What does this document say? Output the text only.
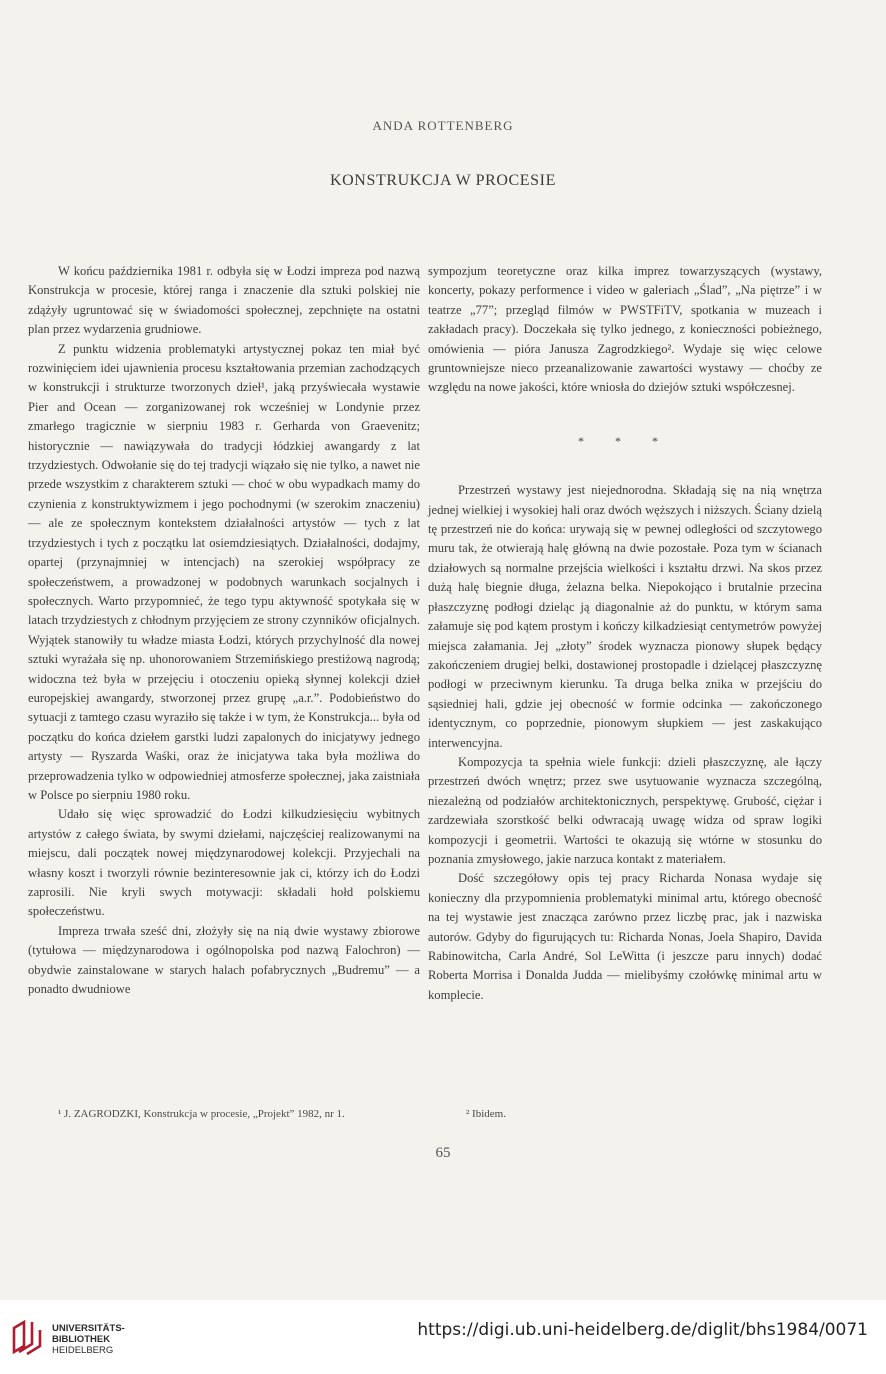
ANDA ROTTENBERG
KONSTRUKCJA W PROCESIE

W końcu października 1981 r. odbyła się w Łodzi impreza pod nazwą Konstrukcja w procesie, której ranga i znaczenie dla sztuki polskiej nie zdążyły ugruntować się w świadomości społecznej, zepchnięte na ostatni plan przez wydarzenia grudniowe.

Z punktu widzenia problematyki artystycznej pokaz ten miał być rozwinięciem idei ujawnienia procesu kształtowania przemian zachodzących w konstrukcji i strukturze tworzonych dzieł¹, jaką przyświecała wystawie Pier and Ocean — zorganizowanej rok wcześniej w Londynie przez zmarłego tragicznie w sierpniu 1983 r. Gerharda von Graevenitz; historycznie — nawiązywała do tradycji łódzkiej awangardy z lat trzydziestych. Odwołanie się do tej tradycji wiązało się nie tylko, a nawet nie przede wszystkim z charakterem sztuki — choć w obu wypadkach mamy do czynienia z konstruktywizmem i jego pochodnymi (w szerokim znaczeniu) — ale ze społecznym kontekstem działalności artystów — tych z lat trzydziestych i tych z początku lat osiemdziesiątych. Działalności, dodajmy, opartej (przynajmniej w intencjach) na szerokiej współpracy ze społeczeństwem, a prowadzonej w podobnych warunkach socjalnych i społecznych. Warto przypomnieć, że tego typu aktywność spotykała się w latach trzydziestych z chłodnym przyjęciem ze strony czynników oficjalnych. Wyjątek stanowiły tu władze miasta Łodzi, których przychylność dla nowej sztuki wyrażała się np. uhonorowaniem Strzemińskiego prestiżową nagrodą; widoczna też była w przejęciu i otoczeniu opieką słynnej kolekcji dzieł europejskiej awangardy, stworzonej przez grupę „a.r.”. Podobieństwo do sytuacji z tamtego czasu wyraziło się także i w tym, że Konstrukcja... była od początku do końca dziełem garstki ludzi zapalonych do inicjatywy jednego artysty — Ryszarda Waśki, oraz że inicjatywa taka była możliwa do przeprowadzenia tylko w odpowiedniej atmosferze społecznej, jaka zaistniała w Polsce po sierpniu 1980 roku.

Udało się więc sprowadzić do Łodzi kilkudziesięciu wybitnych artystów z całego świata, by swymi dziełami, najczęściej realizowanymi na miejscu, dali początek nowej międzynarodowej kolekcji. Przyjechali na własny koszt i tworzyli równie bezinteresownie jak ci, którzy ich do Łodzi zaprosili. Nie kryli swych motywacji: składali hołd polskiemu społeczeństwu.

Impreza trwała sześć dni, złożyły się na nią dwie wystawy zbiorowe (tytułowa — międzynarodowa i ogólnopolska pod nazwą Falochron) — obydwie zainstalowane w starych halach pofabrycznych „Budremu” — a ponadto dwudniowe

sympozjum teoretyczne oraz kilka imprez towarzyszących (wystawy, koncerty, pokazy performence i video w galeriach „Ślad”, „Na piętrze” i w teatrze „77”; przegląd filmów w PWSTFiTV, spotkania w muzeach i zakładach pracy). Doczekała się tylko jednego, z konieczności pobieżnego, omówienia — pióra Janusza Zagrodzkiego². Wydaje się więc celowe gruntowniejsze nieco przeanalizowanie zawartości wystawy — choćby ze względu na nowe jakości, które wniosła do dziejów sztuki współczesnej.

* * *

Przestrzeń wystawy jest niejednorodna. Składają się na nią wnętrza jednej wielkiej i wysokiej hali oraz dwóch węższych i niższych. Ściany dzielą tę przestrzeń nie do końca: urywają się w pewnej odległości od szczytowego muru tak, że otwierają halę główną na dwie pozostałe. Poza tym w ścianach działowych są normalne przejścia wielkości i kształtu drzwi. Na skos przez dużą halę biegnie długa, żelazna belka. Niepokojąco i brutalnie przecina płaszczyznę podłogi dzieląc ją diagonalnie aż do punktu, w którym sama załamuje się pod kątem prostym i kończy kilkadziesiąt centymetrów powyżej miejsca załamania. Jej „złoty” środek wyznacza pionowy słupek będący zakończeniem drugiej belki, dostawionej prostopadle i dzielącej płaszczyznę podłogi w przeciwnym kierunku. Ta druga belka znika w przejściu do sąsiedniej hali, gdzie jej obecność w formie odcinka — zakończonego identycznym, co poprzednie, pionowym słupkiem — jest zaskakująco interwencyjna.

Kompozycja ta spełnia wiele funkcji: dzieli płaszczyznę, ale łączy przestrzeń dwóch wnętrz; przez swe usytuowanie wyznacza szczególną, niezależną od podziałów architektonicznych, perspektywę. Grubość, ciężar i zardzewiała szorstkość belki odwracają uwagę widza od spraw logiki kompozycji i geometrii. Wartości te okazują się wtórne w stosunku do poznania zmysłowego, jakie narzuca kontakt z materiałem.

Dość szczegółowy opis tej pracy Richarda Nonasa wydaje się konieczny dla przypomnienia problematyki minimal artu, którego obecność na tej wystawie jest znacząca zarówno przez liczbę prac, jak i nazwiska autorów. Gdyby do figurujących tu: Richarda Nonas, Joela Shapiro, Davida Rabinowitcha, Carla André, Sol LeWitta (i jeszcze paru innych) dodać Roberta Morrisa i Donalda Judda — mielibyśmy czołówkę minimal artu w komplecie.

¹ J. ZAGRODZKI, Konstrukcja w procesie, „Projekt” 1982, nr 1.	² Ibidem.
65
UNIVERSITÄTS-
BIBLIOTHEK
HEIDELBERG
https://digi.ub.uni-heidelberg.de/diglit/bhs1984/0071
